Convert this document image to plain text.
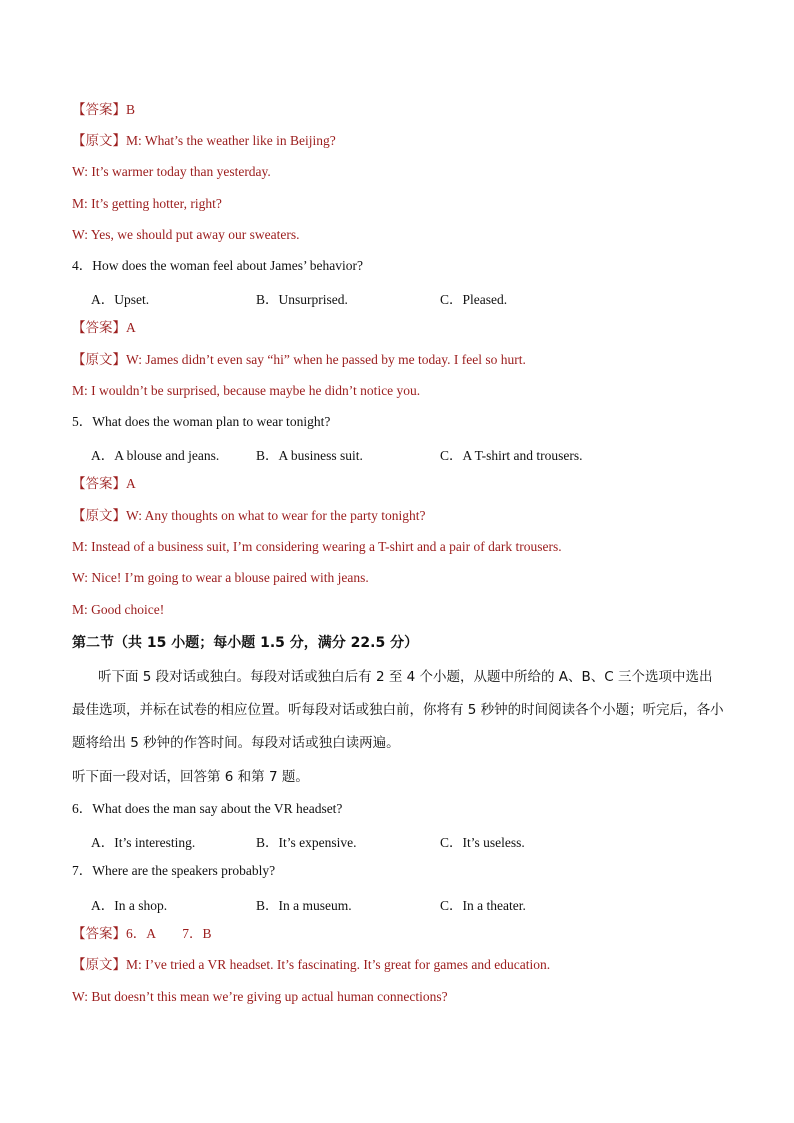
【答案】B
【原文】M: What’s the weather like in Beijing?
W: It’s warmer today than yesterday.
M: It’s getting hotter, right?
W: Yes, we should put away our sweaters.
4．How does the woman feel about James’ behavior?
A．Upset.	B．Unsurprised.	C．Pleased.
【答案】A
【原文】W: James didn’t even say “hi” when he passed by me today. I feel so hurt.
M: I wouldn’t be surprised, because maybe he didn’t notice you.
5．What does the woman plan to wear tonight?
A．A blouse and jeans.	B．A business suit.	C．A T-shirt and trousers.
【答案】A
【原文】W: Any thoughts on what to wear for the party tonight?
M: Instead of a business suit, I’m considering wearing a T-shirt and a pair of dark trousers.
W: Nice! I’m going to wear a blouse paired with jeans.
M: Good choice!
第二节（共 15 小题；每小题 1.5 分，满分 22.5 分）
听下面 5 段对话或独白。每段对话或独白后有 2 至 4 个小题，从题中所给的 A、B、C 三个选项中选出最佳选项，并标在试卷的相应位置。听每段对话或独白前，你将有 5 秒钟的时间阅读各个小题；听完后，各小题将给出 5 秒钟的作答时间。每段对话或独白读两遍。
听下面一段对话，回答第 6 和第 7 题。
6．What does the man say about the VR headset?
A．It’s interesting.	B．It’s expensive.	C．It’s useless.
7．Where are the speakers probably?
A．In a shop.	B．In a museum.	C．In a theater.
【答案】6．A　　7．B
【原文】M: I’ve tried a VR headset. It’s fascinating. It’s great for games and education.
W: But doesn’t this mean we’re giving up actual human connections?
